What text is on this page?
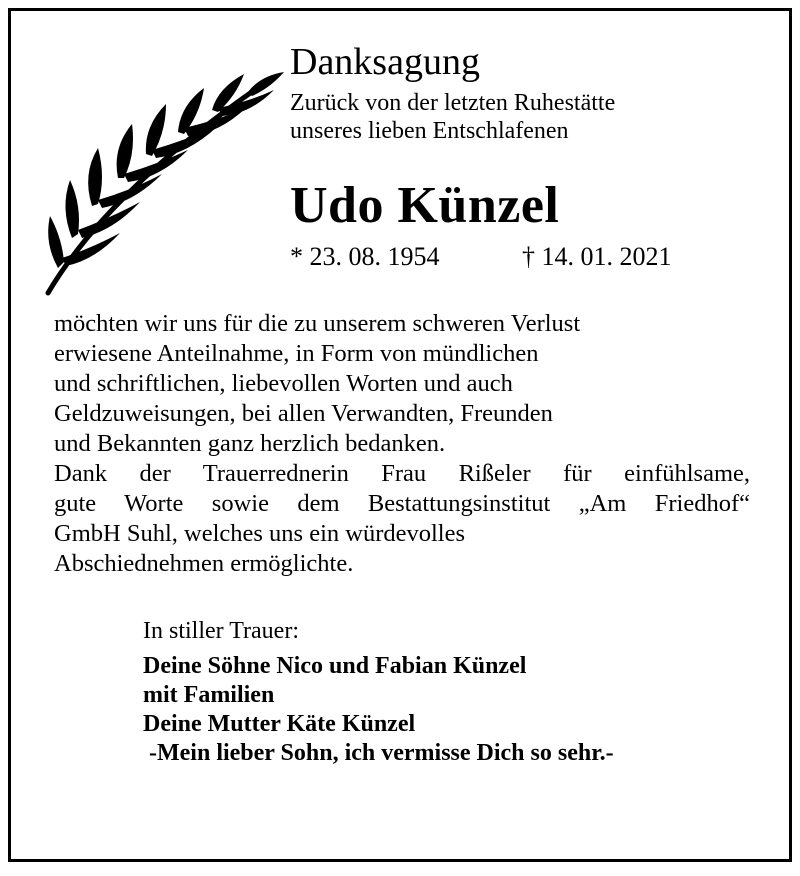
Danksagung
Zurück von der letzten Ruhestätte
unseres lieben Entschlafenen
Udo Künzel
* 23. 08. 1954	† 14. 01. 2021
möchten wir uns für die zu unserem schweren Verlust
erwiesene Anteilnahme, in Form von mündlichen
und schriftlichen, liebevollen Worten und auch
Geldzuweisungen, bei allen Verwandten, Freunden
und Bekannten ganz herzlich bedanken.
Dank der Trauerrednerin Frau Rißeler für einfühlsame,
gute Worte sowie dem Bestattungsinstitut „Am Friedhof“
GmbH Suhl, welches uns ein würdevolles
Abschiednehmen ermöglichte.
In stiller Trauer:
Deine Söhne Nico und Fabian Künzel
mit Familien
Deine Mutter Käte Künzel
-Mein lieber Sohn, ich vermisse Dich so sehr.-
